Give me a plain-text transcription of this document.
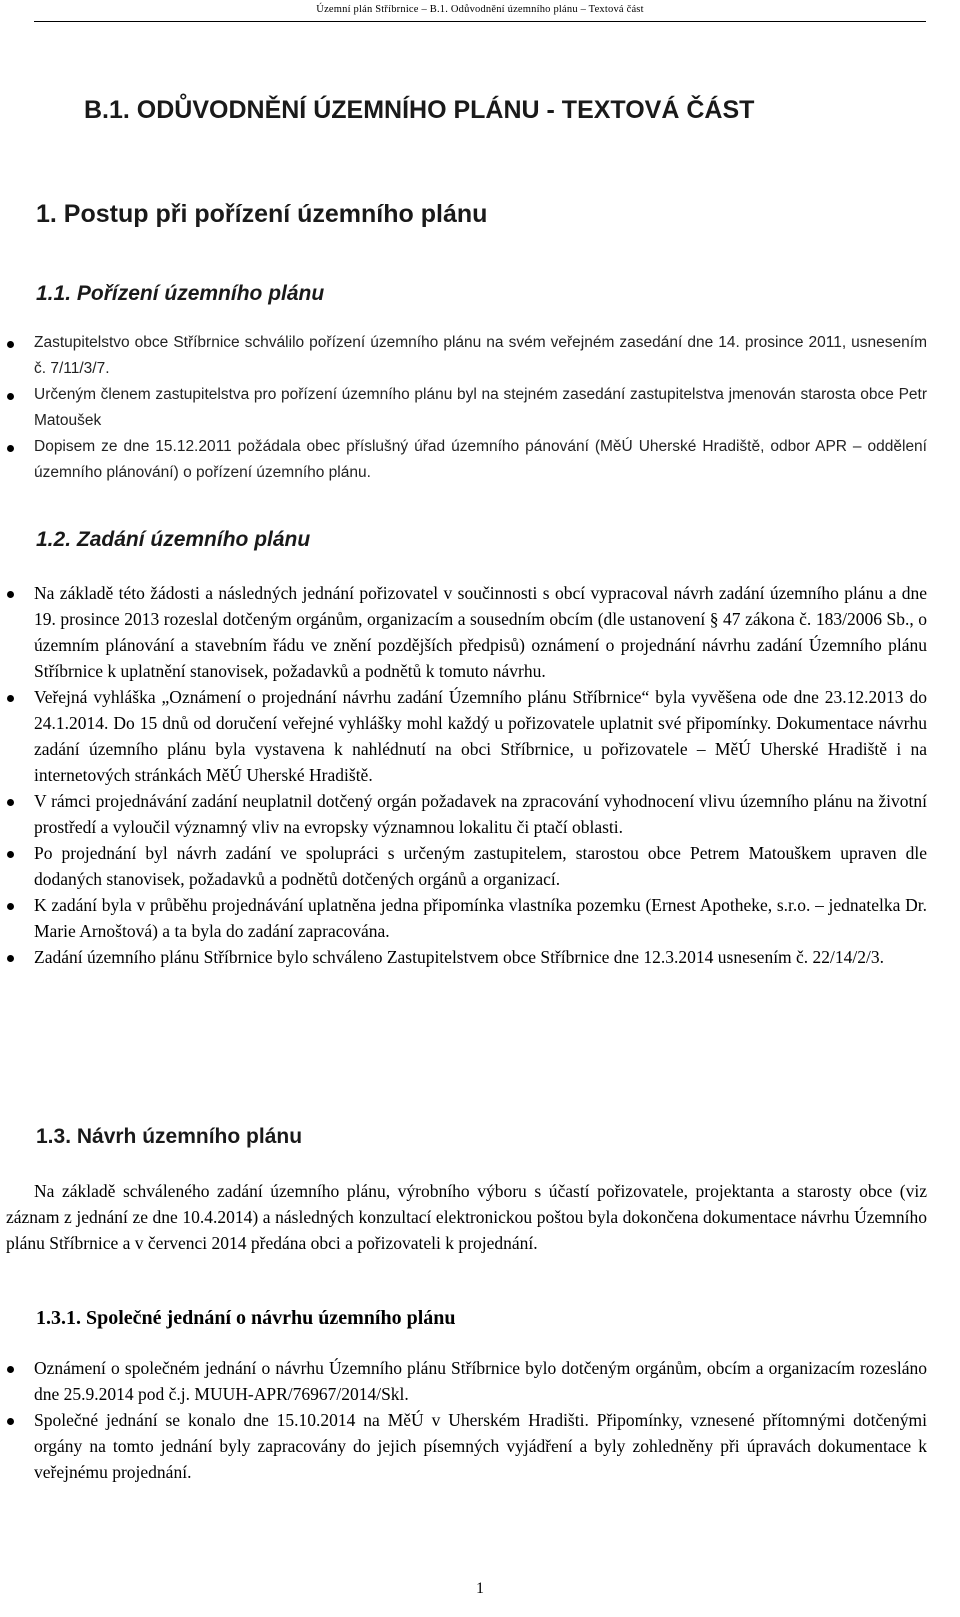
Územní plán Stříbrnice – B.1. Odůvodnění územního plánu – Textová část
B.1. ODŮVODNĚNÍ ÚZEMNÍHO PLÁNU - TEXTOVÁ ČÁST
1. Postup při pořízení územního plánu
1.1. Pořízení územního plánu
Zastupitelstvo obce Stříbrnice schválilo pořízení územního plánu na svém veřejném zasedání dne 14. prosince 2011, usnesením č. 7/11/3/7.
Určeným členem zastupitelstva pro pořízení územního plánu byl na stejném zasedání zastupitelstva jmenován starosta obce Petr Matoušek
Dopisem ze dne 15.12.2011 požádala obec příslušný úřad územního pánování (MěÚ Uherské Hradiště, odbor APR – oddělení územního plánování) o pořízení územního plánu.
1.2. Zadání územního plánu
Na základě této žádosti a následných jednání pořizovatel v součinnosti s obcí vypracoval návrh zadání územního plánu a dne 19. prosince 2013 rozeslal dotčeným orgánům, organizacím a sousedním obcím (dle ustanovení § 47 zákona č. 183/2006 Sb., o územním plánování a stavebním řádu ve znění pozdějších předpisů) oznámení o projednání návrhu zadání Územního plánu Stříbrnice k uplatnění stanovisek, požadavků a podnětů k tomuto návrhu.
Veřejná vyhláška „Oznámení o projednání návrhu zadání Územního plánu Stříbrnice“ byla vyvěšena ode dne 23.12.2013 do 24.1.2014. Do 15 dnů od doručení veřejné vyhlášky mohl každý u pořizovatele uplatnit své připomínky. Dokumentace návrhu zadání územního plánu byla vystavena k nahlédnutí na obci Stříbrnice, u pořizovatele – MěÚ Uherské Hradiště i na internetových stránkách MěÚ Uherské Hradiště.
V rámci projednávání zadání neuplatnil dotčený orgán požadavek na zpracování vyhodnocení vlivu územního plánu na životní prostředí a vyloučil významný vliv na evropsky významnou lokalitu či ptačí oblasti.
Po projednání byl návrh zadání ve spolupráci s určeným zastupitelem, starostou obce Petrem Matouškem upraven dle dodaných stanovisek, požadavků a podnětů dotčených orgánů a organizací.
K zadání byla v průběhu projednávání uplatněna jedna připomínka vlastníka pozemku (Ernest Apotheke, s.r.o. – jednatelka Dr. Marie Arnoštová) a ta byla do zadání zapracována.
Zadání územního plánu Stříbrnice bylo schváleno Zastupitelstvem obce Stříbrnice dne 12.3.2014 usnesením č. 22/14/2/3.
1.3. Návrh územního plánu

Na základě schváleného zadání územního plánu, výrobního výboru s účastí pořizovatele, projektanta a starosty obce (viz záznam z jednání ze dne 10.4.2014) a následných konzultací elektronickou poštou byla dokončena dokumentace návrhu Územního plánu Stříbrnice a v červenci 2014 předána obci a pořizovateli k projednání.

1.3.1. Společné jednání o návrhu územního plánu
Oznámení o společném jednání o návrhu Územního plánu Stříbrnice bylo dotčeným orgánům, obcím a organizacím rozesláno dne 25.9.2014 pod č.j. MUUH-APR/76967/2014/Skl.
Společné jednání se konalo dne 15.10.2014 na MěÚ v Uherském Hradišti. Připomínky, vznesené přítomnými dotčenými orgány na tomto jednání byly zapracovány do jejich písemných vyjádření a byly zohledněny při úpravách dokumentace k veřejnému projednání.
1
